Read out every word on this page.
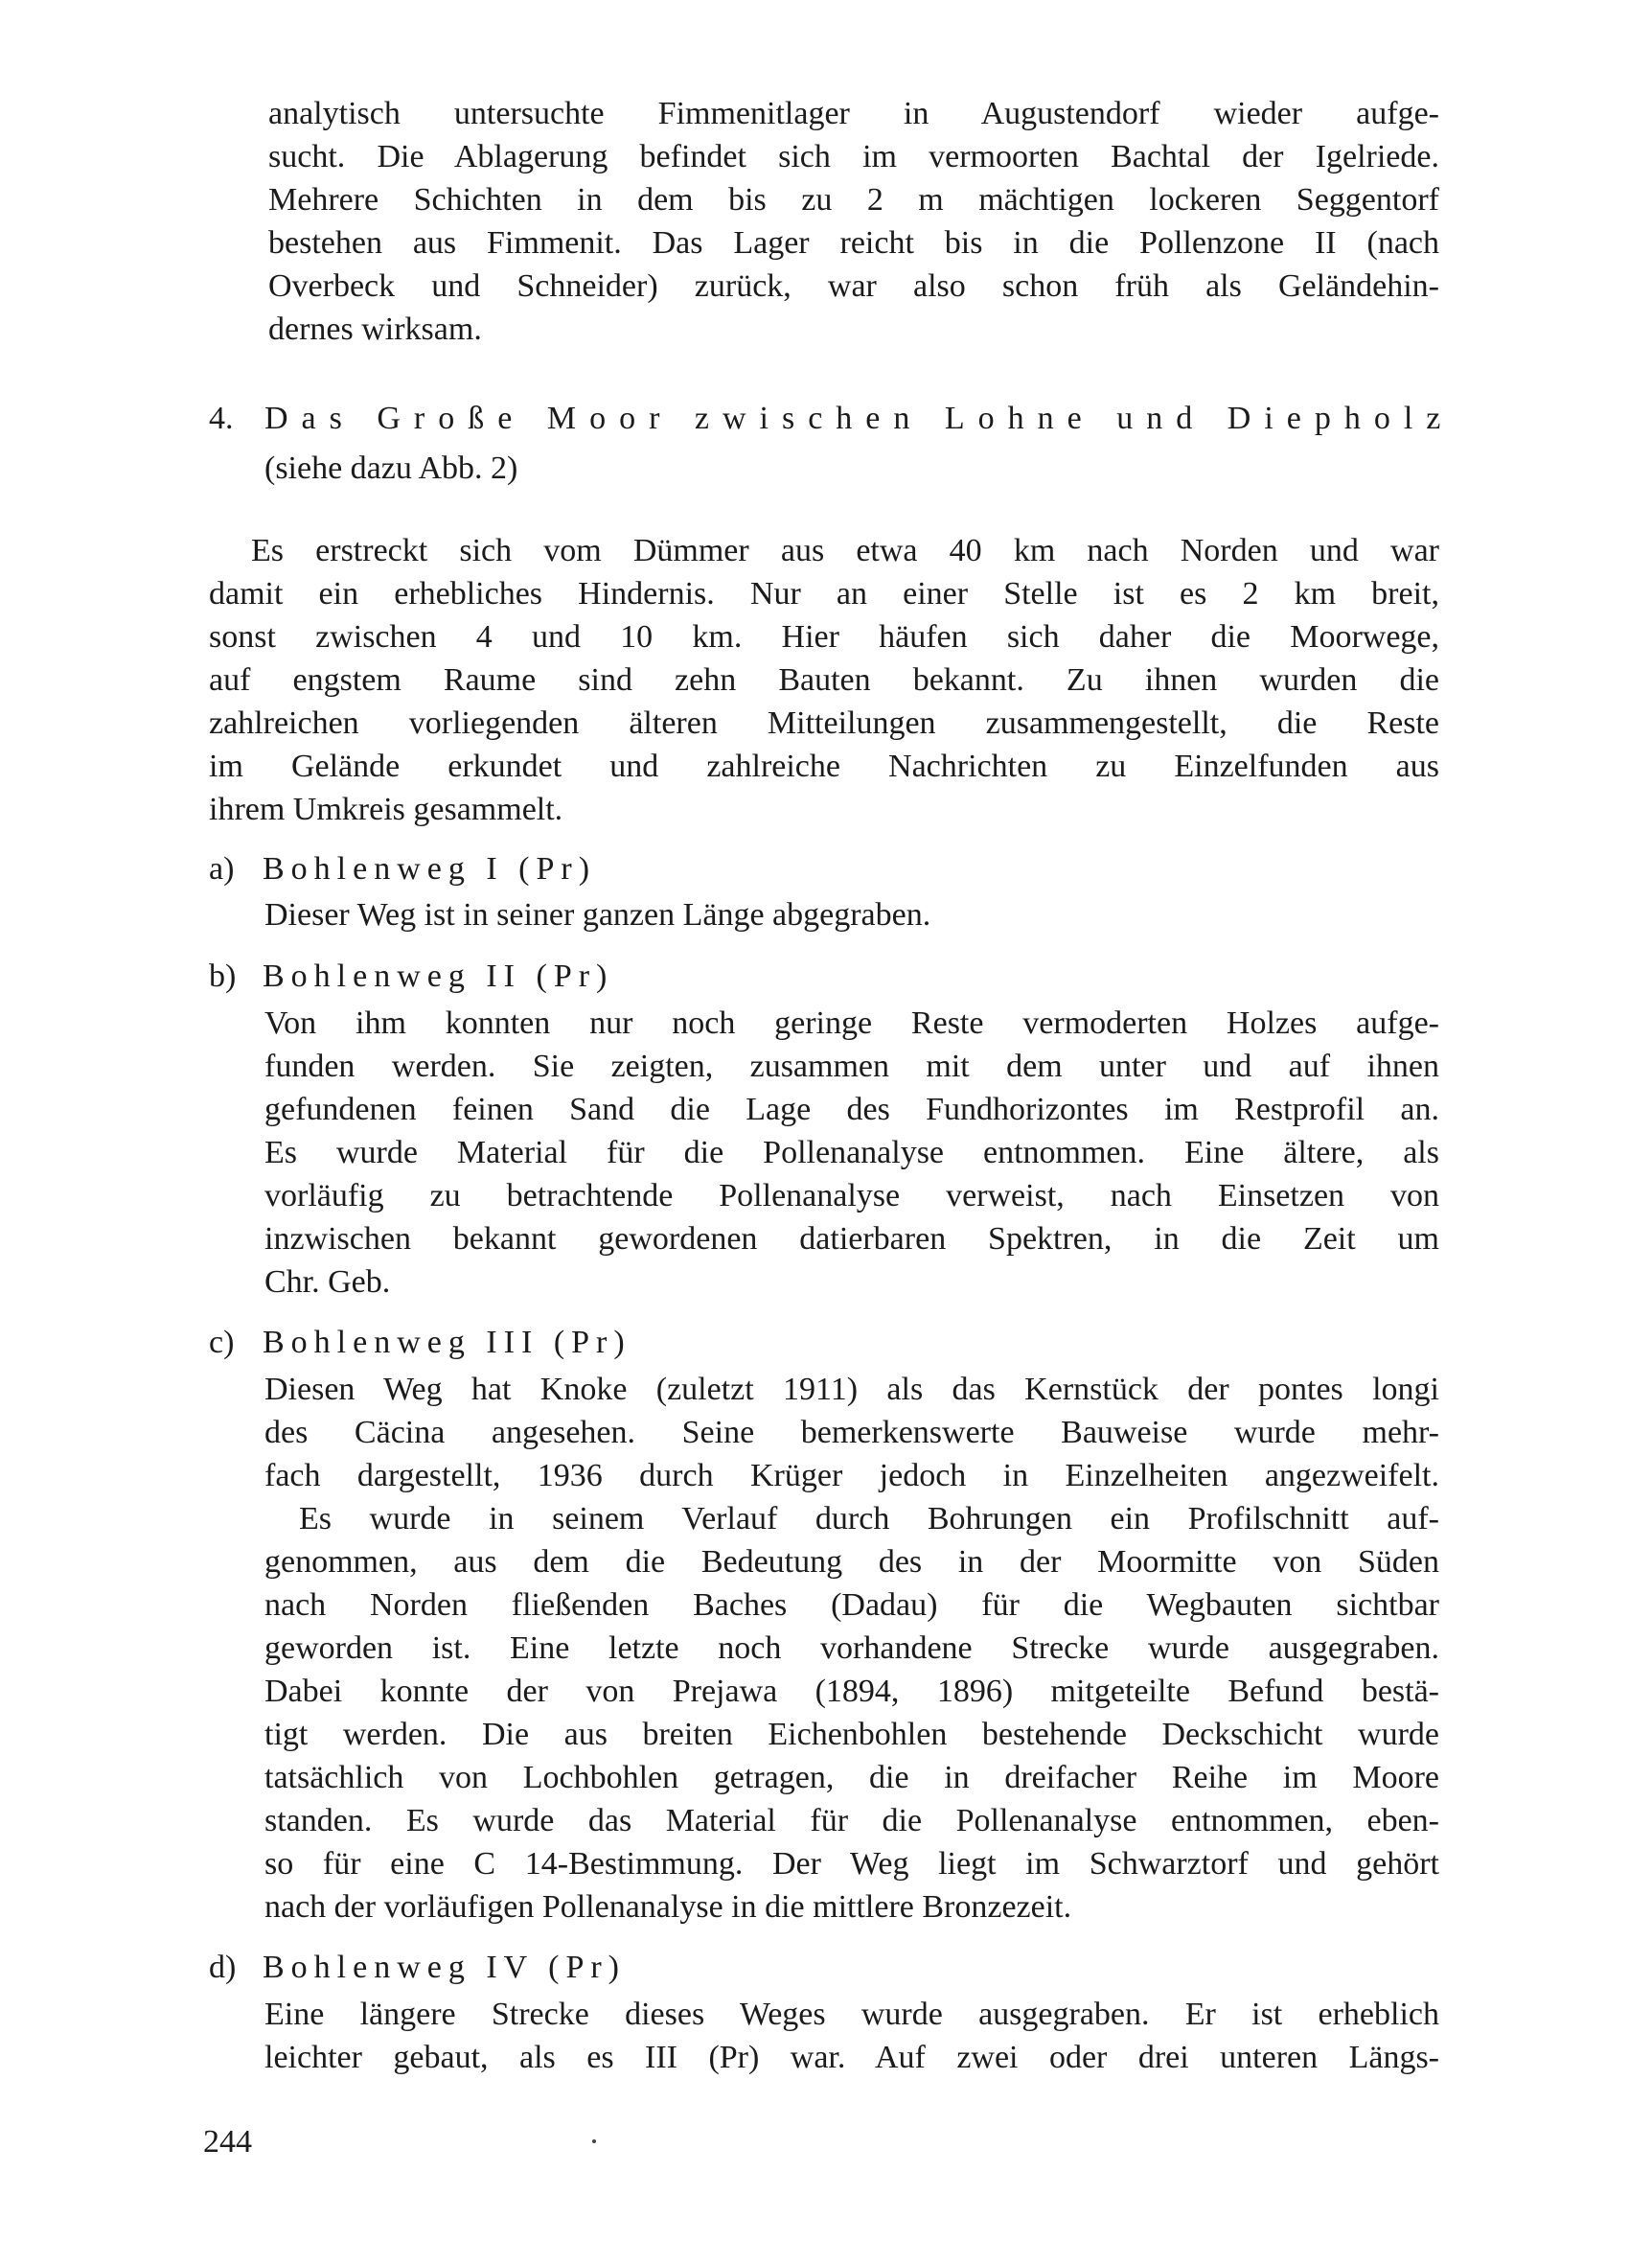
analytisch untersuchte Fimmenitlager in Augustendorf wieder aufge-
sucht. Die Ablagerung befindet sich im vermoorten Bachtal der Igelriede.
Mehrere Schichten in dem bis zu 2 m mächtigen lockeren Seggentorf
bestehen aus Fimmenit. Das Lager reicht bis in die Pollenzone II (nach
Overbeck und Schneider) zurück, war also schon früh als Geländehin-
dernes wirksam.
4. Das Große Moor zwischen Lohne und Diepholz
(siehe dazu Abb. 2)
Es erstreckt sich vom Dümmer aus etwa 40 km nach Norden und war
damit ein erhebliches Hindernis. Nur an einer Stelle ist es 2 km breit,
sonst zwischen 4 und 10 km. Hier häufen sich daher die Moorwege,
auf engstem Raume sind zehn Bauten bekannt. Zu ihnen wurden die
zahlreichen vorliegenden älteren Mitteilungen zusammengestellt, die Reste
im Gelände erkundet und zahlreiche Nachrichten zu Einzelfunden aus
ihrem Umkreis gesammelt.
a) Bohlenweg I (Pr)
Dieser Weg ist in seiner ganzen Länge abgegraben.
b) Bohlenweg II (Pr)
Von ihm konnten nur noch geringe Reste vermoderten Holzes aufge-
funden werden. Sie zeigten, zusammen mit dem unter und auf ihnen
gefundenen feinen Sand die Lage des Fundhorizontes im Restprofil an.
Es wurde Material für die Pollenanalyse entnommen. Eine ältere, als
vorläufig zu betrachtende Pollenanalyse verweist, nach Einsetzen von
inzwischen bekannt gewordenen datierbaren Spektren, in die Zeit um
Chr. Geb.
c) Bohlenweg III (Pr)
Diesen Weg hat Knoke (zuletzt 1911) als das Kernstück der pontes longi
des Cäcina angesehen. Seine bemerkenswerte Bauweise wurde mehr-
fach dargestellt, 1936 durch Krüger jedoch in Einzelheiten angezweifelt.
Es wurde in seinem Verlauf durch Bohrungen ein Profilschnitt auf-
genommen, aus dem die Bedeutung des in der Moormitte von Süden
nach Norden fließenden Baches (Dadau) für die Wegbauten sichtbar
geworden ist. Eine letzte noch vorhandene Strecke wurde ausgegraben.
Dabei konnte der von Prejawa (1894, 1896) mitgeteilte Befund bestä-
tigt werden. Die aus breiten Eichenbohlen bestehende Deckschicht wurde
tatsächlich von Lochbohlen getragen, die in dreifacher Reihe im Moore
standen. Es wurde das Material für die Pollenanalyse entnommen, eben-
so für eine C 14-Bestimmung. Der Weg liegt im Schwarztorf und gehört
nach der vorläufigen Pollenanalyse in die mittlere Bronzezeit.
d) Bohlenweg IV (Pr)
Eine längere Strecke dieses Weges wurde ausgegraben. Er ist erheblich
leichter gebaut, als es III (Pr) war. Auf zwei oder drei unteren Längs-
244
